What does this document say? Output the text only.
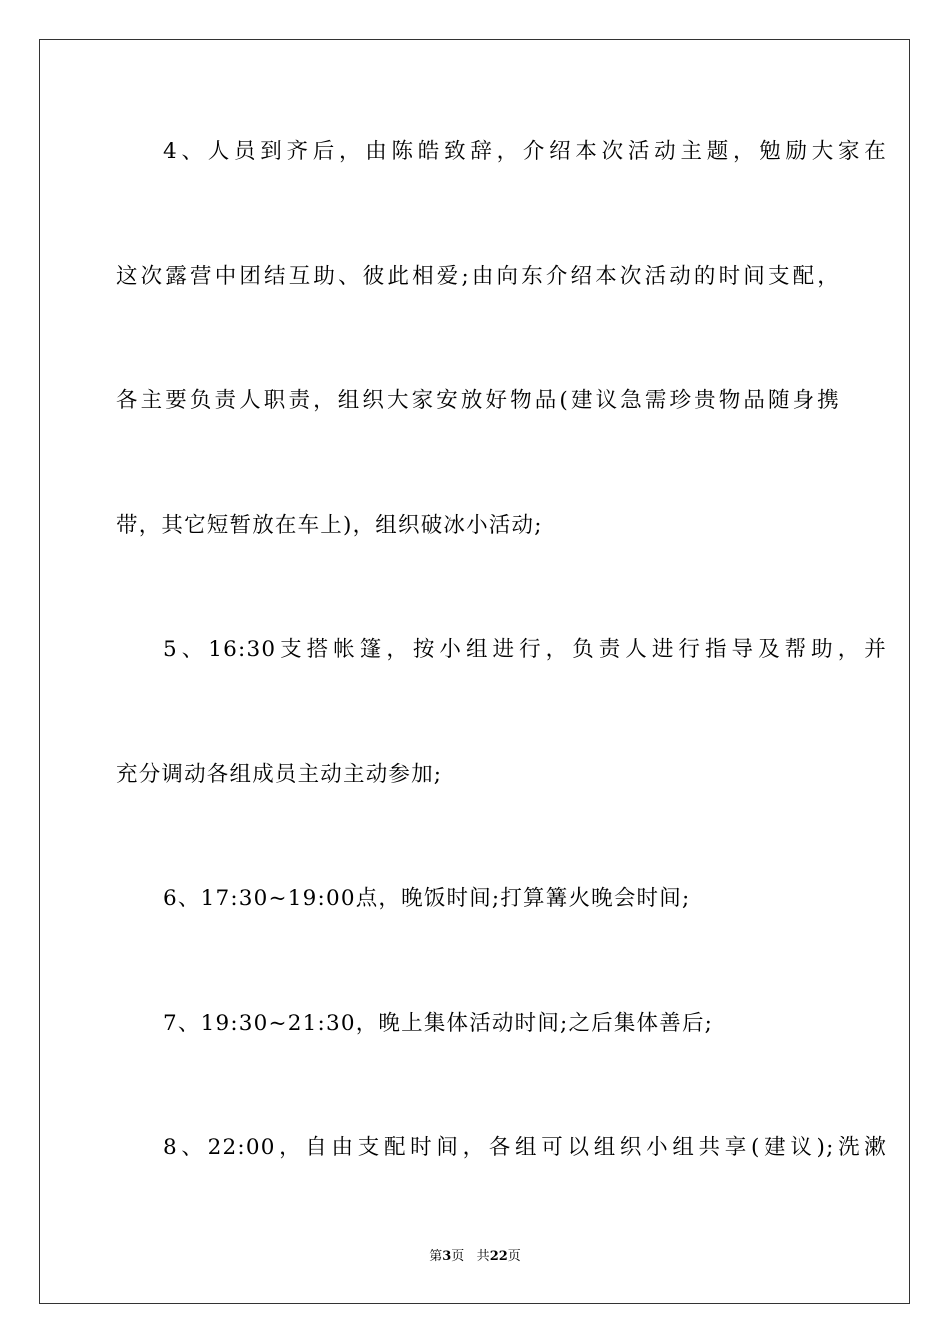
4、人员到齐后，由陈皓致辞，介绍本次活动主题，勉励大家在
这次露营中团结互助、彼此相爱;由向东介绍本次活动的时间支配，
各主要负责人职责，组织大家安放好物品(建议急需珍贵物品随身携
带，其它短暂放在车上)，组织破冰小活动;
5、16:30支搭帐篷，按小组进行，负责人进行指导及帮助，并
充分调动各组成员主动主动参加;
6、17:30~19:00点，晚饭时间;打算篝火晚会时间;
7、19:30~21:30，晚上集体活动时间;之后集体善后;
8、22:00，自由支配时间，各组可以组织小组共享(建议);洗漱
第3页 共22页
